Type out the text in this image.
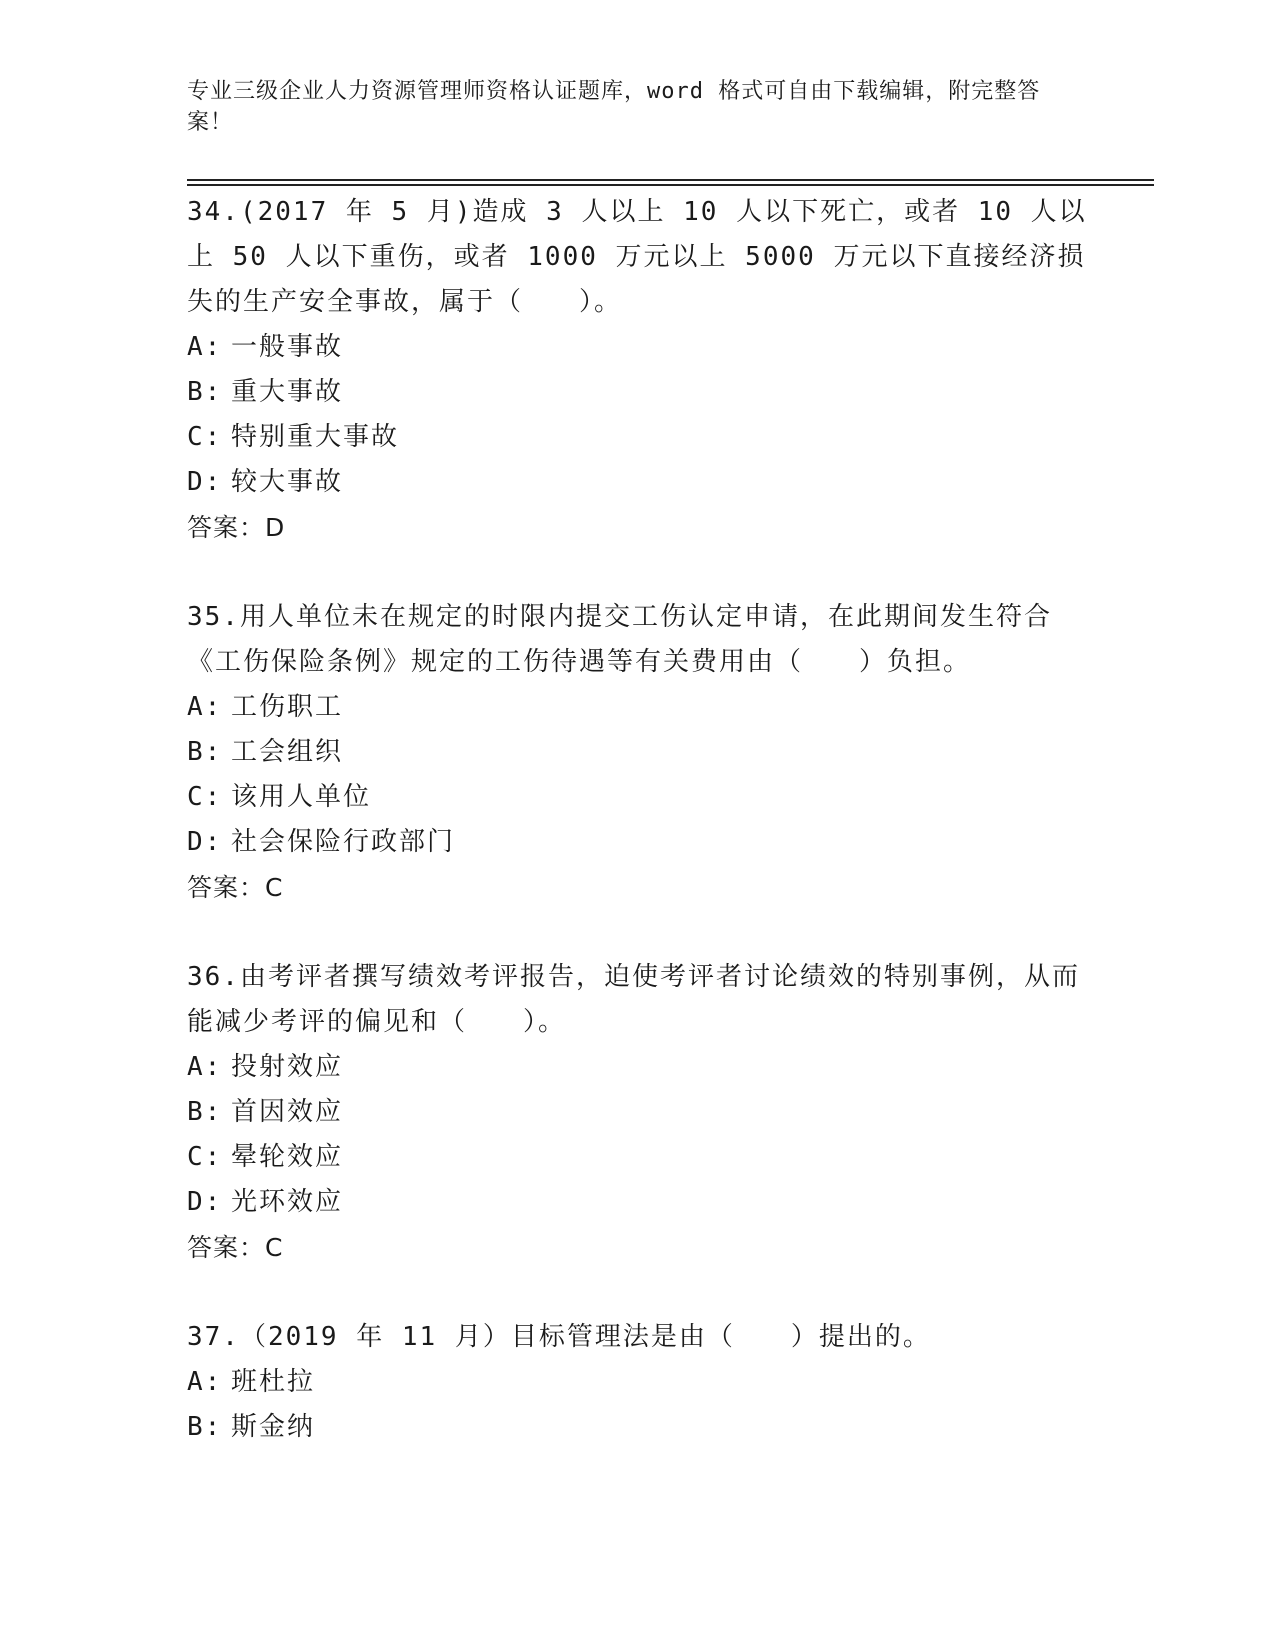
专业三级企业人力资源管理师资格认证题库，word 格式可自由下载编辑，附完整答案！

34.(2017 年 5 月)造成 3 人以上 10 人以下死亡，或者 10 人以上 50 人以下重伤，或者 1000 万元以上 5000 万元以下直接经济损失的生产安全事故，属于（　　）。

A: 一般事故

B: 重大事故

C: 特别重大事故

D: 较大事故

答案：D

35.用人单位未在规定的时限内提交工伤认定申请，在此期间发生符合《工伤保险条例》规定的工伤待遇等有关费用由（　　）负担。

A: 工伤职工

B: 工会组织

C: 该用人单位

D: 社会保险行政部门

答案：C

36.由考评者撰写绩效考评报告，迫使考评者讨论绩效的特别事例，从而能减少考评的偏见和（　　）。

A: 投射效应

B: 首因效应

C: 晕轮效应

D: 光环效应

答案：C

37.（2019 年 11 月）目标管理法是由（　　）提出的。

A: 班杜拉

B: 斯金纳
